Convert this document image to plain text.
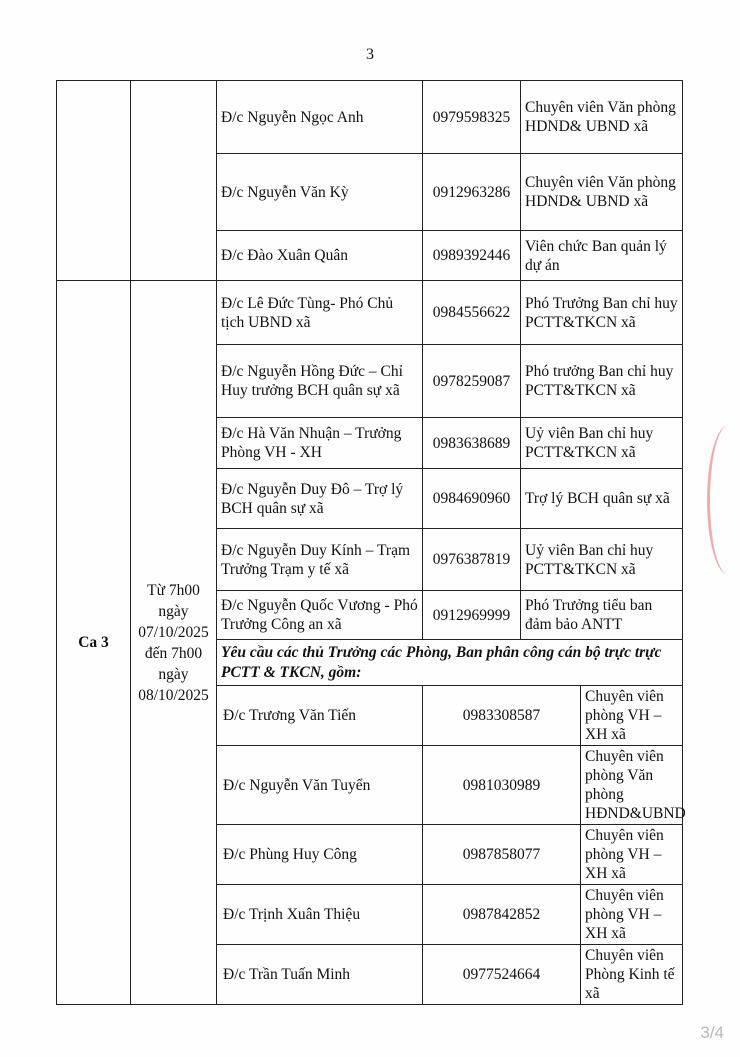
3
		Đ/c Nguyễn Ngọc Anh	0979598325	Chuyên viên Văn phòng HDND& UBND xã	
		Đ/c Nguyễn Văn Kỳ	0912963286	Chuyên viên Văn phòng HDND& UBND xã	
		Đ/c Đào Xuân Quân	0989392446	Viên chức Ban quản lý dự án	
Ca 3	Từ 7h00 ngày 07/10/2025 đến 7h00 ngày 08/10/2025	Đ/c Lê Đức Tùng- Phó Chủ tịch UBND xã	0984556622	Phó Trưởng Ban chỉ huy PCTT&TKCN xã	
		Đ/c Nguyễn Hồng Đức – Chỉ Huy trưởng BCH quân sự xã	0978259087	Phó trưởng Ban chỉ huy PCTT&TKCN xã	
		Đ/c Hà Văn Nhuận – Trưởng Phòng VH - XH	0983638689	Uỷ viên Ban chỉ huy PCTT&TKCN xã	
		Đ/c Nguyễn Duy Đô – Trợ lý BCH quân sự xã	0984690960	Trợ lý BCH quân sự xã	
		Đ/c Nguyễn Duy Kính – Trạm Trưởng Trạm y tế xã	0976387819	Uỷ viên Ban chỉ huy PCTT&TKCN xã	
		Đ/c Nguyễn Quốc Vương - Phó Trưởng Công an xã	0912969999	Phó Trưởng tiểu ban đảm bảo ANTT	
		Yêu cầu các thủ Trưởng các Phòng, Ban phân công cán bộ trực trực PCTT & TKCN, gồm:			
		Đ/c Trương Văn Tiến	0983308587		Chuyên viên phòng VH – XH xã
		Đ/c Nguyễn Văn Tuyển	0981030989		Chuyên viên phòng Văn phòng HĐND&UBND
		Đ/c Phùng Huy Công	0987858077		Chuyên viên phòng VH – XH xã
		Đ/c Trịnh Xuân Thiệu	0987842852		Chuyên viên phòng VH – XH xã
		Đ/c Trần Tuấn Minh	0977524664		Chuyên viên Phòng Kinh tế xã
3/4
